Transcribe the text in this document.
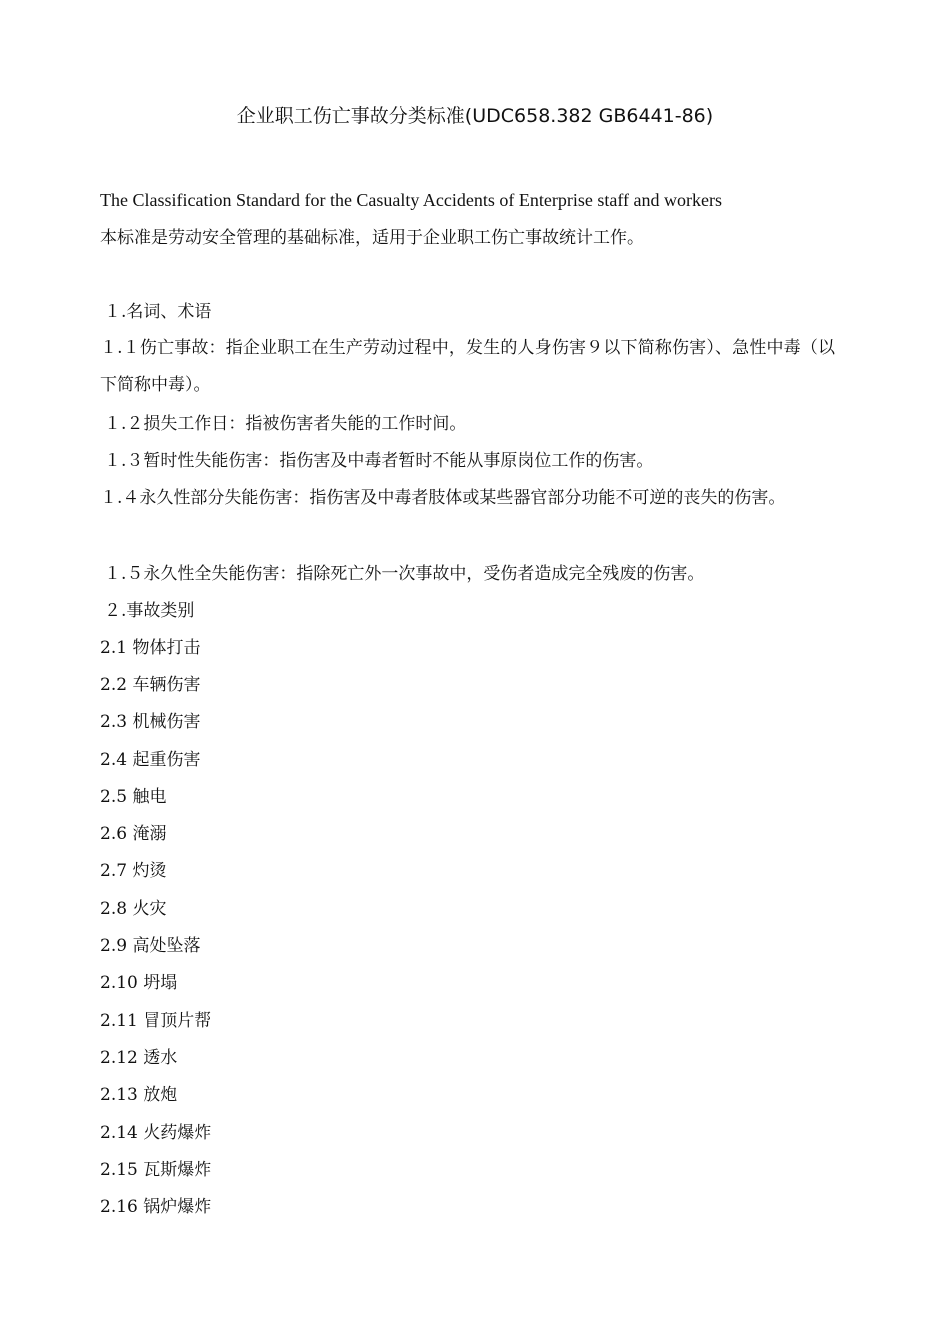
企业职工伤亡事故分类标准(UDC658.382 GB6441-86)
The Classification Standard for the Casualty Accidents of Enterprise staff and workers
本标准是劳动安全管理的基础标准，适用于企业职工伤亡事故统计工作。
１.名词、术语
１.１伤亡事故：指企业职工在生产劳动过程中，发生的人身伤害９以下简称伤害）、急性中毒（以下简称中毒）。
１.２损失工作日：指被伤害者失能的工作时间。
１.３暂时性失能伤害：指伤害及中毒者暂时不能从事原岗位工作的伤害。
１.４永久性部分失能伤害：指伤害及中毒者肢体或某些器官部分功能不可逆的丧失的伤害。
１.５永久性全失能伤害：指除死亡外一次事故中，受伤者造成完全残废的伤害。
２.事故类别
2.1 物体打击
2.2 车辆伤害
2.3 机械伤害
2.4 起重伤害
2.5 触电
2.6 淹溺
2.7 灼烫
2.8 火灾
2.9 高处坠落
2.10 坍塌
2.11 冒顶片帮
2.12 透水
2.13 放炮
2.14 火药爆炸
2.15 瓦斯爆炸
2.16 锅炉爆炸
